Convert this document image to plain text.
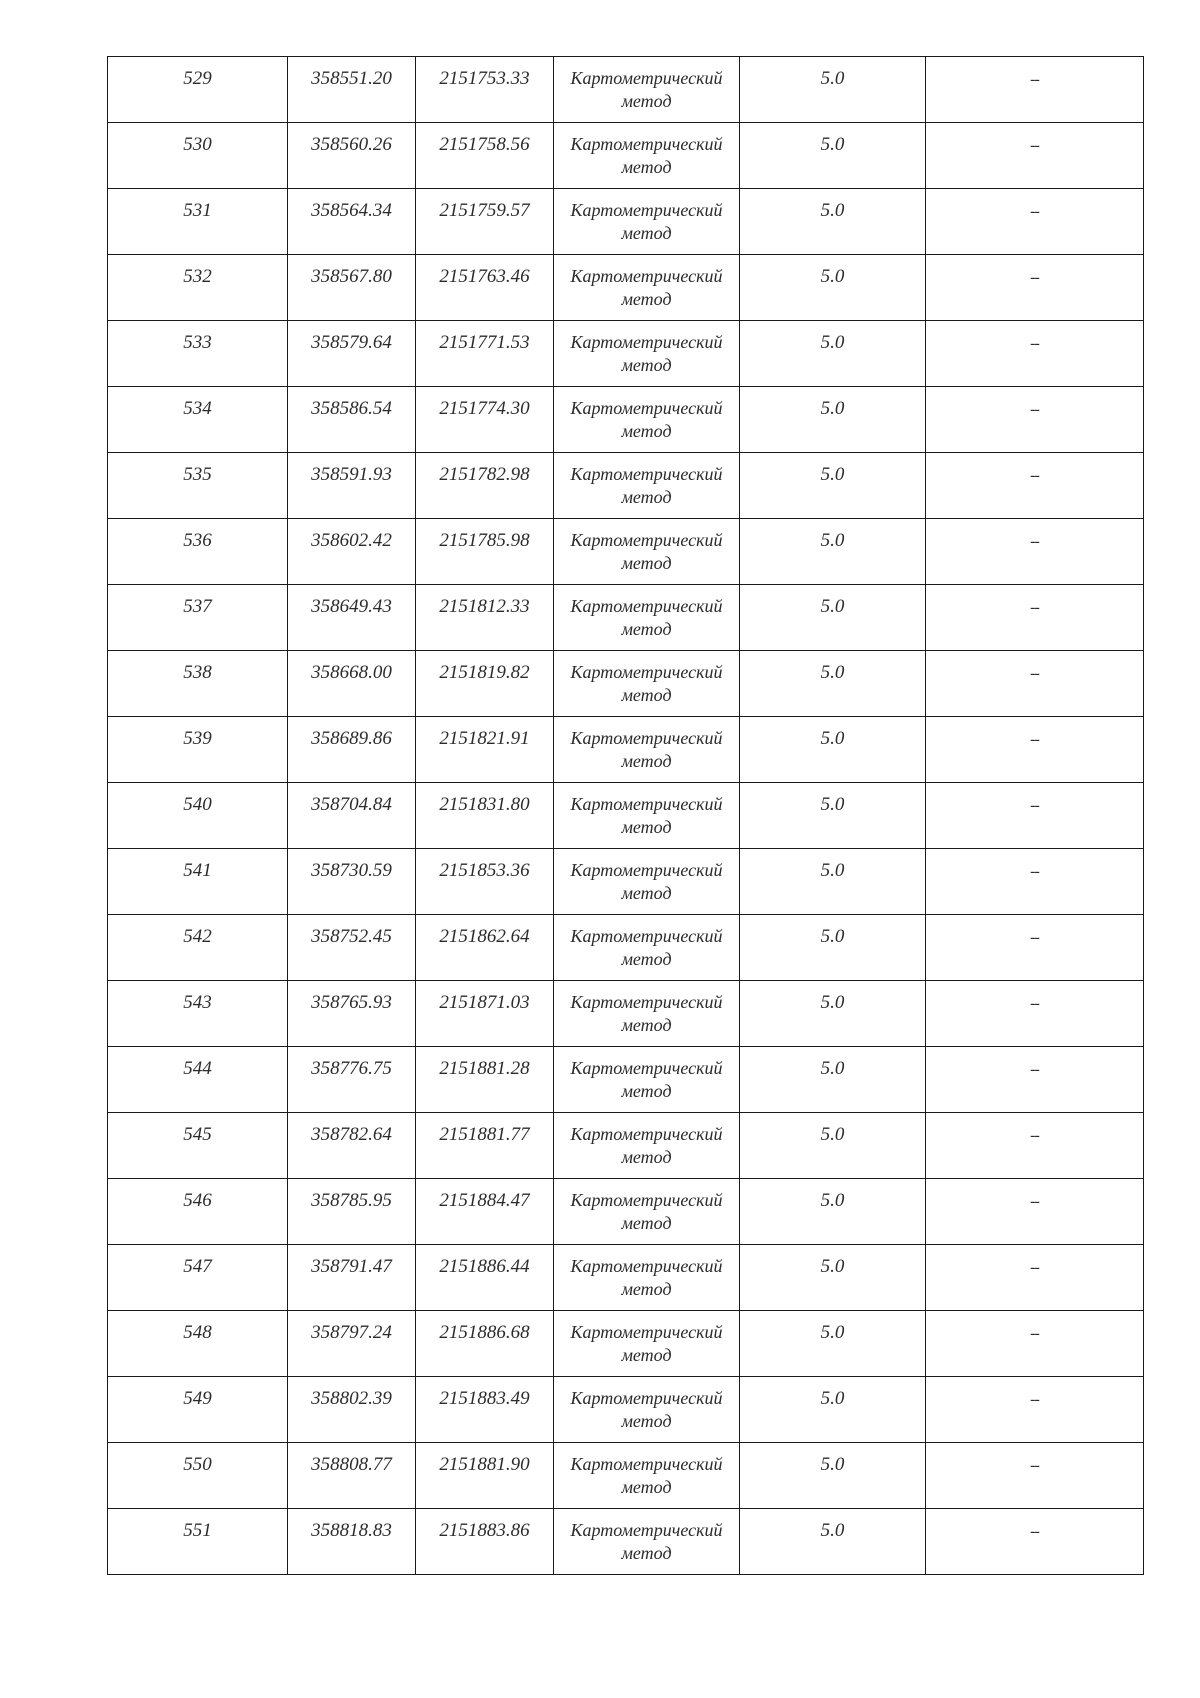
529	358551.20	2151753.33	Картометрический метод	5.0	--
530	358560.26	2151758.56	Картометрический метод	5.0	--
531	358564.34	2151759.57	Картометрический метод	5.0	--
532	358567.80	2151763.46	Картометрический метод	5.0	--
533	358579.64	2151771.53	Картометрический метод	5.0	--
534	358586.54	2151774.30	Картометрический метод	5.0	--
535	358591.93	2151782.98	Картометрический метод	5.0	--
536	358602.42	2151785.98	Картометрический метод	5.0	--
537	358649.43	2151812.33	Картометрический метод	5.0	--
538	358668.00	2151819.82	Картометрический метод	5.0	--
539	358689.86	2151821.91	Картометрический метод	5.0	--
540	358704.84	2151831.80	Картометрический метод	5.0	--
541	358730.59	2151853.36	Картометрический метод	5.0	--
542	358752.45	2151862.64	Картометрический метод	5.0	--
543	358765.93	2151871.03	Картометрический метод	5.0	--
544	358776.75	2151881.28	Картометрический метод	5.0	--
545	358782.64	2151881.77	Картометрический метод	5.0	--
546	358785.95	2151884.47	Картометрический метод	5.0	--
547	358791.47	2151886.44	Картометрический метод	5.0	--
548	358797.24	2151886.68	Картометрический метод	5.0	--
549	358802.39	2151883.49	Картометрический метод	5.0	--
550	358808.77	2151881.90	Картометрический метод	5.0	--
551	358818.83	2151883.86	Картометрический метод	5.0	--
